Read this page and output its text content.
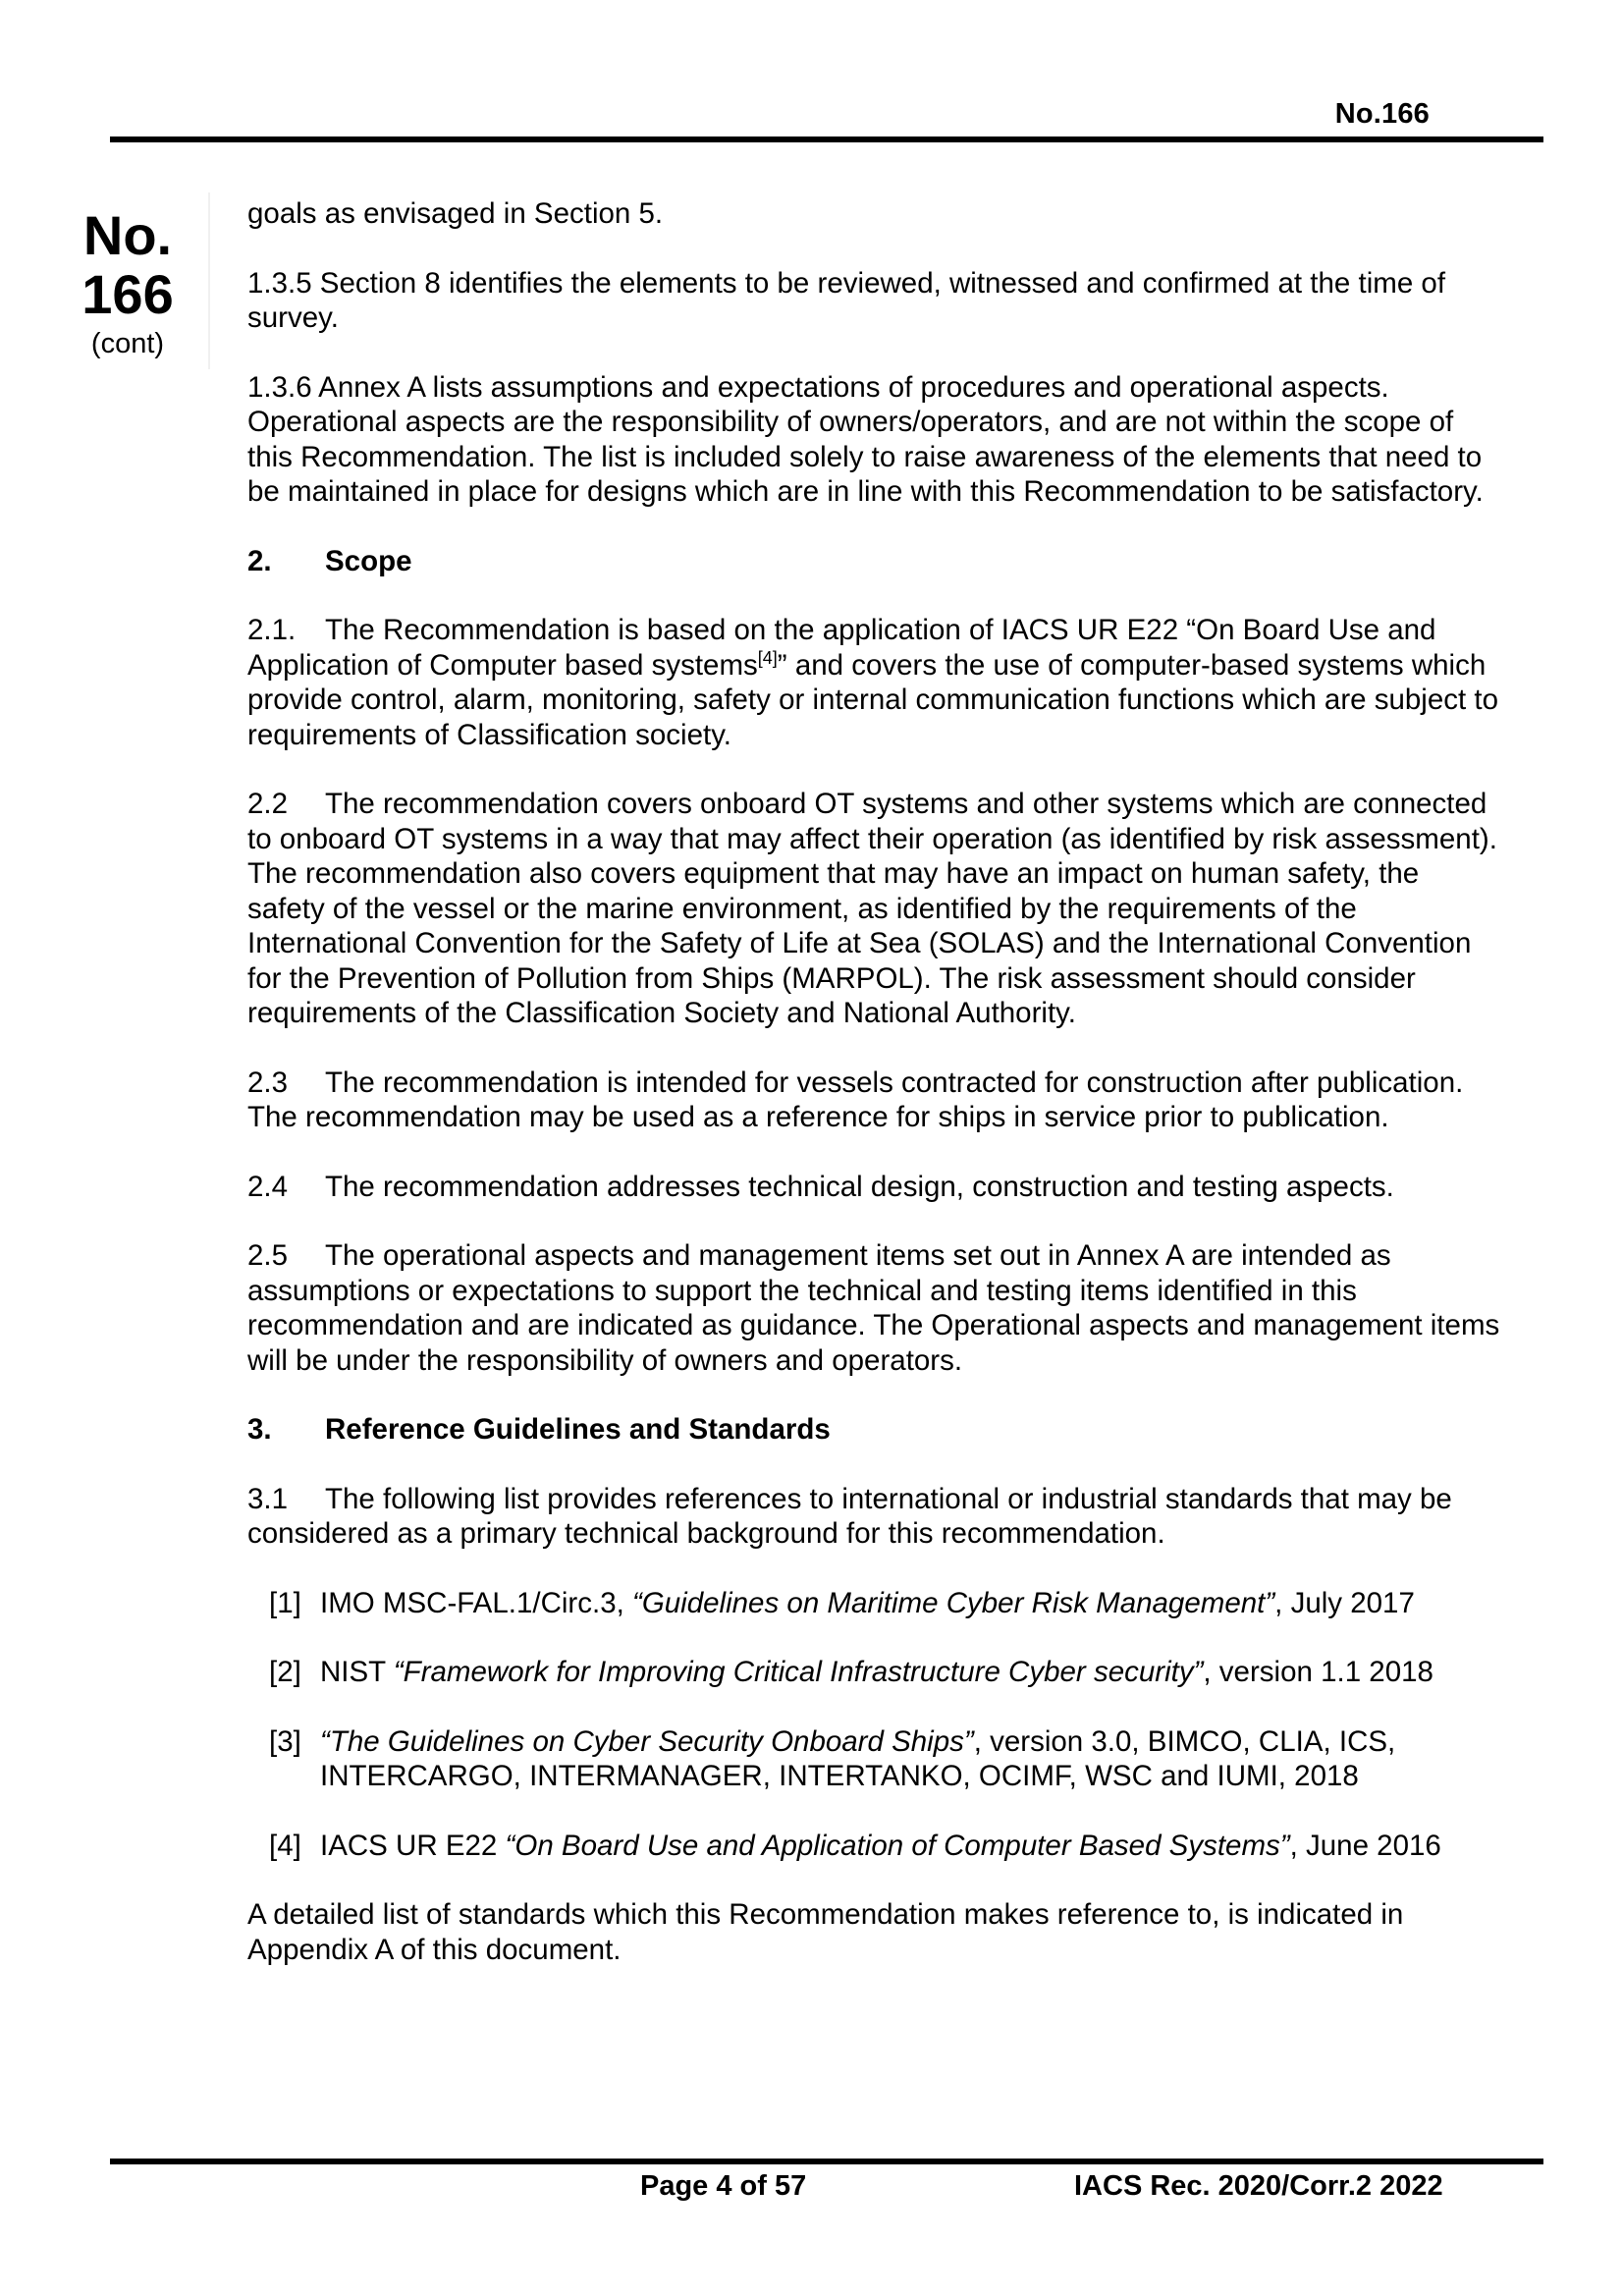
No.166
No.
166
(cont)

goals as envisaged in Section 5.

1.3.5 Section 8 identifies the elements to be reviewed, witnessed and confirmed at the time of survey.

1.3.6 Annex A lists assumptions and expectations of procedures and operational aspects. Operational aspects are the responsibility of owners/operators, and are not within the scope of this Recommendation. The list is included solely to raise awareness of the elements that need to be maintained in place for designs which are in line with this Recommendation to be satisfactory.

2. Scope

2.1. The Recommendation is based on the application of IACS UR E22 “On Board Use and Application of Computer based systems[4]” and covers the use of computer-based systems which provide control, alarm, monitoring, safety or internal communication functions which are subject to requirements of Classification society.

2.2 The recommendation covers onboard OT systems and other systems which are connected to onboard OT systems in a way that may affect their operation (as identified by risk assessment). The recommendation also covers equipment that may have an impact on human safety, the safety of the vessel or the marine environment, as identified by the requirements of the International Convention for the Safety of Life at Sea (SOLAS) and the International Convention for the Prevention of Pollution from Ships (MARPOL). The risk assessment should consider requirements of the Classification Society and National Authority.

2.3 The recommendation is intended for vessels contracted for construction after publication. The recommendation may be used as a reference for ships in service prior to publication.

2.4 The recommendation addresses technical design, construction and testing aspects.

2.5 The operational aspects and management items set out in Annex A are intended as assumptions or expectations to support the technical and testing items identified in this recommendation and are indicated as guidance. The Operational aspects and management items will be under the responsibility of owners and operators.

3. Reference Guidelines and Standards

3.1 The following list provides references to international or industrial standards that may be considered as a primary technical background for this recommendation.

[1] IMO MSC-FAL.1/Circ.3, “Guidelines on Maritime Cyber Risk Management”, July 2017
[2] NIST “Framework for Improving Critical Infrastructure Cyber security”, version 1.1 2018
[3] “The Guidelines on Cyber Security Onboard Ships”, version 3.0, BIMCO, CLIA, ICS, INTERCARGO, INTERMANAGER, INTERTANKO, OCIMF, WSC and IUMI, 2018
[4] IACS UR E22 “On Board Use and Application of Computer Based Systems”, June 2016

A detailed list of standards which this Recommendation makes reference to, is indicated in Appendix A of this document.

Page 4 of 57	IACS Rec. 2020/Corr.2 2022
